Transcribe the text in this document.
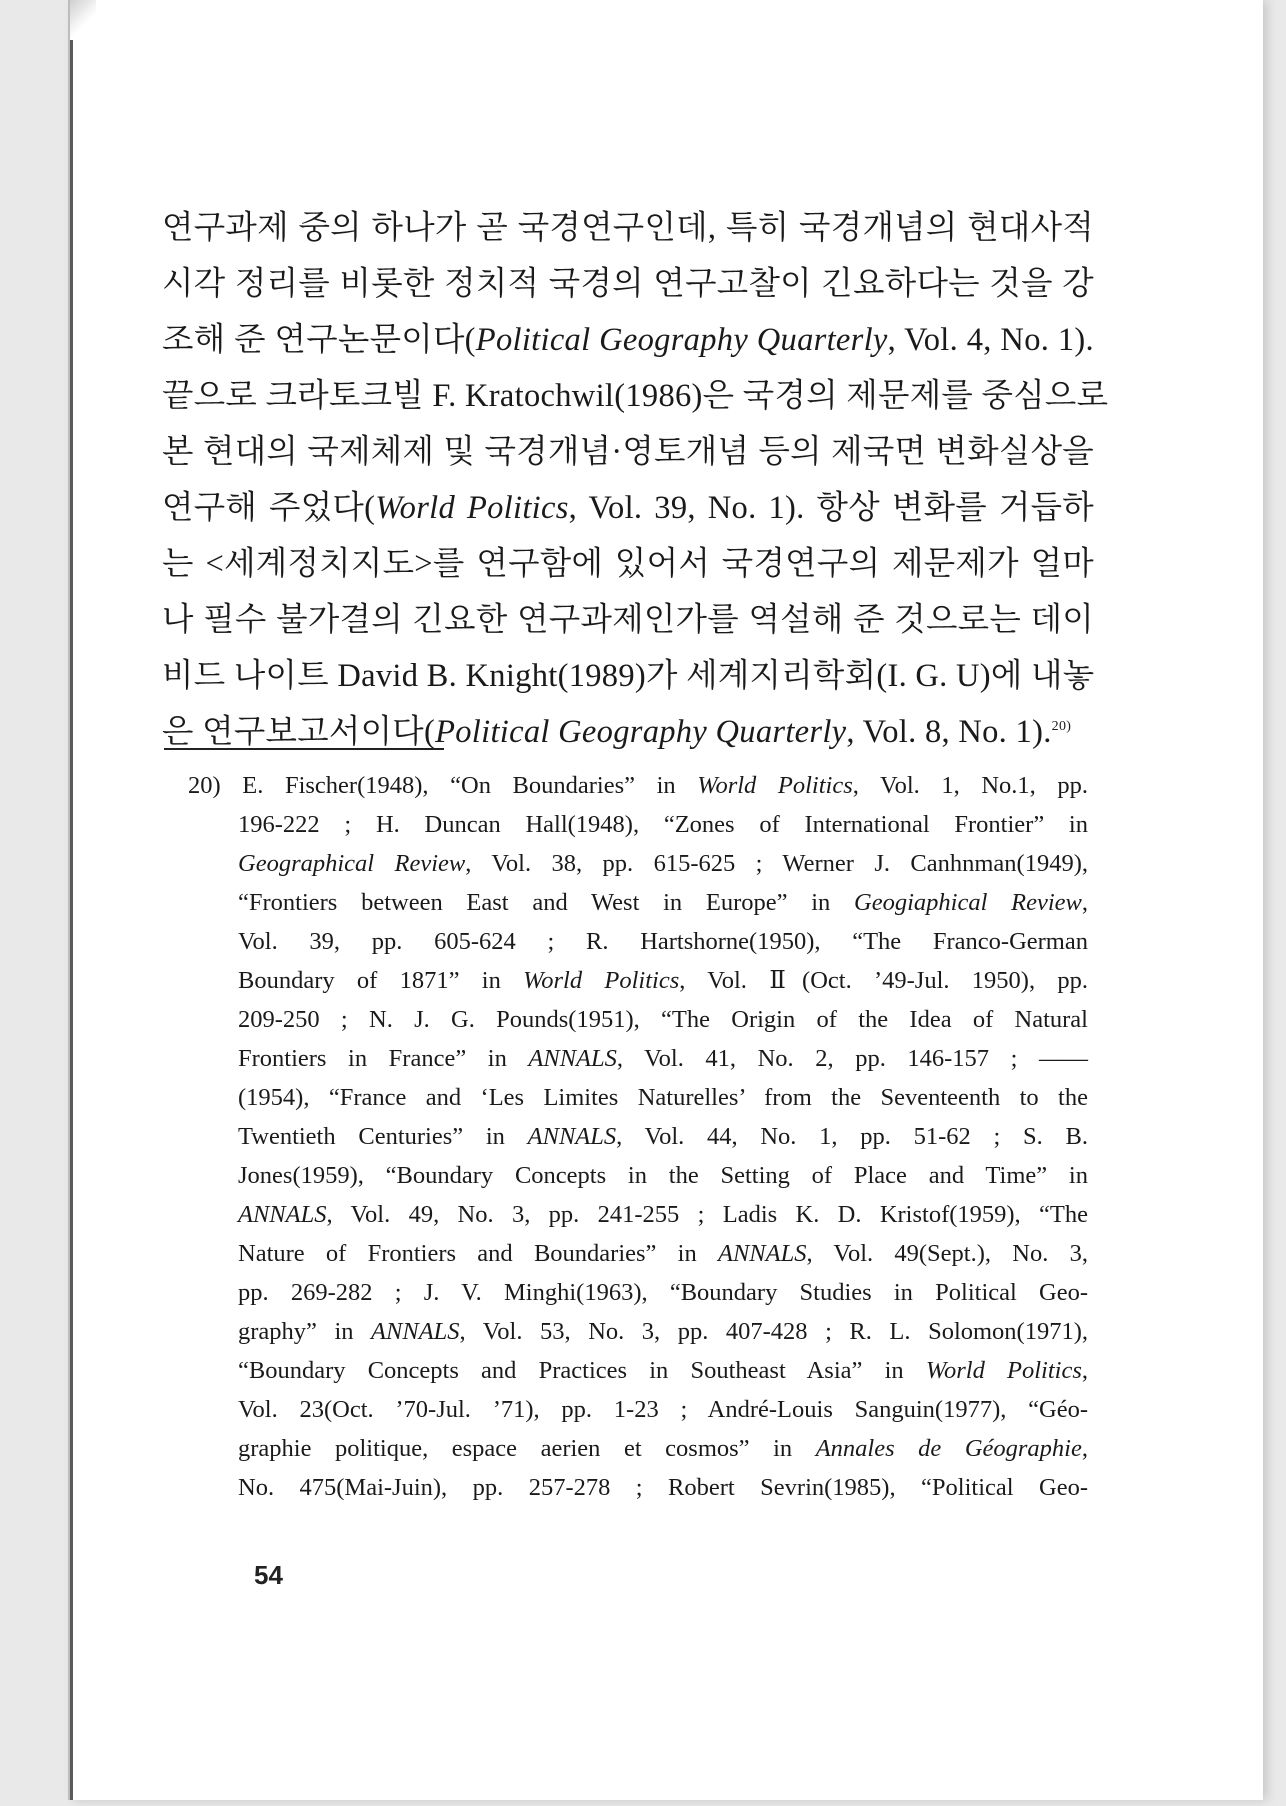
연구과제 중의 하나가 곧 국경연구인데, 특히 국경개념의 현대사적
시각 정리를 비롯한 정치적 국경의 연구고찰이 긴요하다는 것을 강
조해 준 연구논문이다(Political Geography Quarterly, Vol. 4, No. 1).
끝으로 크라토크빌 F. Kratochwil(1986)은 국경의 제문제를 중심으로
본 현대의 국제체제 및 국경개념·영토개념 등의 제국면 변화실상을
연구해 주었다(World Politics, Vol. 39, No. 1). 항상 변화를 거듭하
는 <세계정치지도>를 연구함에 있어서 국경연구의 제문제가 얼마
나 필수 불가결의 긴요한 연구과제인가를 역설해 준 것으로는 데이
비드 나이트 David B. Knight(1989)가 세계지리학회(I. G. U)에 내놓
은 연구보고서이다(Political Geography Quarterly, Vol. 8, No. 1).$^{20)}$
20) E. Fischer(1948), “On Boundaries” in World Politics, Vol. 1, No.1, pp.
196-222 ; H. Duncan Hall(1948), “Zones of International Frontier” in
Geographical Review, Vol. 38, pp. 615-625 ; Werner J. Canhnman(1949),
“Frontiers between East and West in Europe” in Geogiaphical Review,
Vol. 39, pp. 605-624 ; R. Hartshorne(1950), “The Franco-German
Boundary of 1871” in World Politics, Vol. Ⅱ(Oct. ’49-Jul. 1950), pp.
209-250 ; N. J. G. Pounds(1951), “The Origin of the Idea of Natural
Frontiers in France” in ANNALS, Vol. 41, No. 2, pp. 146-157 ; ——
(1954), “France and ‘Les Limites Naturelles’ from the Seventeenth to the
Twentieth Centuries” in ANNALS, Vol. 44, No. 1, pp. 51-62 ; S. B.
Jones(1959), “Boundary Concepts in the Setting of Place and Time” in
ANNALS, Vol. 49, No. 3, pp. 241-255 ; Ladis K. D. Kristof(1959), “The
Nature of Frontiers and Boundaries” in ANNALS, Vol. 49(Sept.), No. 3,
pp. 269-282 ; J. V. Minghi(1963), “Boundary Studies in Political Geo-
graphy” in ANNALS, Vol. 53, No. 3, pp. 407-428 ; R. L. Solomon(1971),
“Boundary Concepts and Practices in Southeast Asia” in World Politics,
Vol. 23(Oct. ’70-Jul. ’71), pp. 1-23 ; André-Louis Sanguin(1977), “Géo-
graphie politique, espace aerien et cosmos” in Annales de Géographie,
No. 475(Mai-Juin), pp. 257-278 ; Robert Sevrin(1985), “Political Geo-
54
